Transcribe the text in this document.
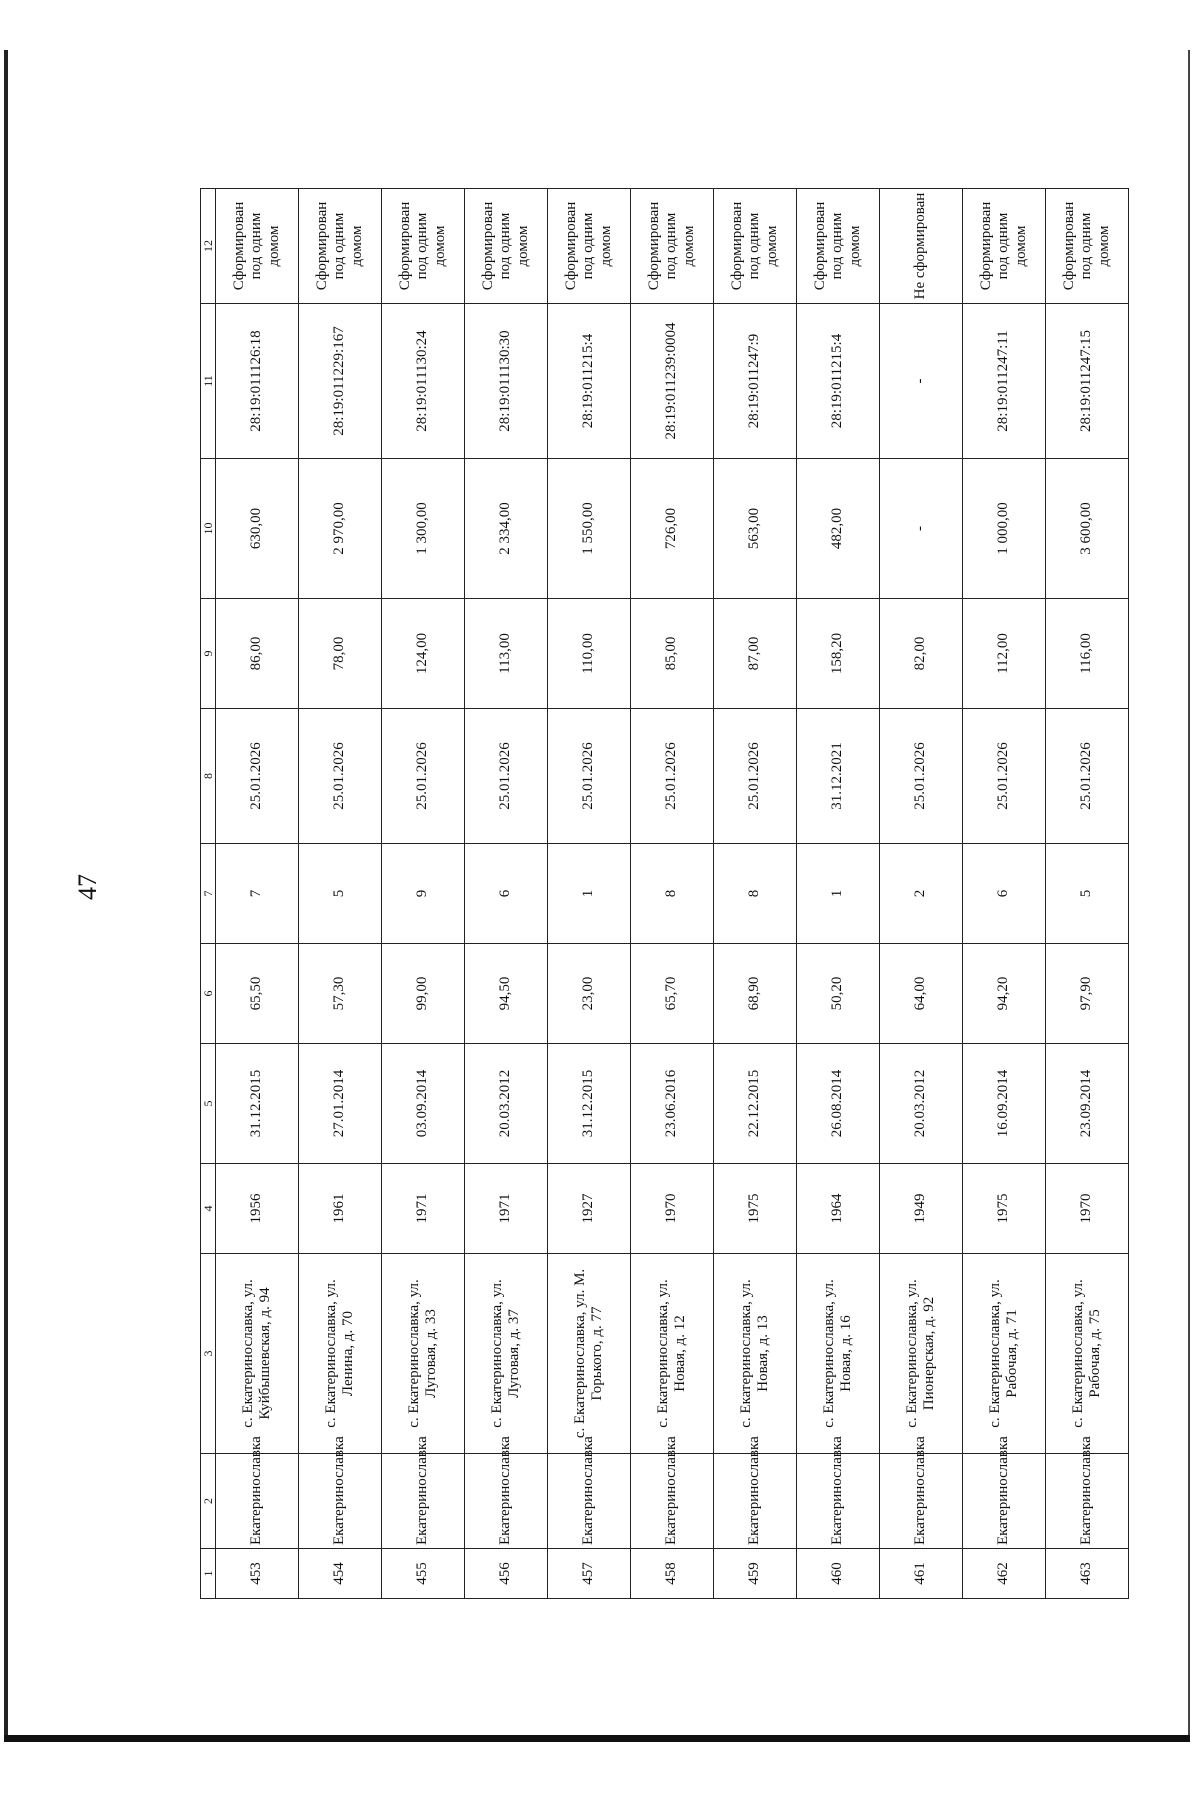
47
1	2	3	4	5	6	7	8	9	10	11	12
453	Екатеринославка	с. Екатеринославка, ул. Куйбышевская, д. 94	1956	31.12.2015	65,50	7	25.01.2026	86,00	630,00	28:19:011126:18	Сформирован под одним домом
454	Екатеринославка	с. Екатеринославка, ул. Ленина, д. 70	1961	27.01.2014	57,30	5	25.01.2026	78,00	2 970,00	28:19:011229:167	Сформирован под одним домом
455	Екатеринославка	с. Екатеринославка, ул. Луговая, д. 33	1971	03.09.2014	99,00	9	25.01.2026	124,00	1 300,00	28:19:011130:24	Сформирован под одним домом
456	Екатеринославка	с. Екатеринославка, ул. Луговая, д. 37	1971	20.03.2012	94,50	6	25.01.2026	113,00	2 334,00	28:19:011130:30	Сформирован под одним домом
457	Екатеринославка	с. Екатеринославка, ул. М. Горького, д. 77	1927	31.12.2015	23,00	1	25.01.2026	110,00	1 550,00	28:19:011215:4	Сформирован под одним домом
458	Екатеринославка	с. Екатеринославка, ул. Новая, д. 12	1970	23.06.2016	65,70	8	25.01.2026	85,00	726,00	28:19:011239:0004	Сформирован под одним домом
459	Екатеринославка	с. Екатеринославка, ул. Новая, д. 13	1975	22.12.2015	68,90	8	25.01.2026	87,00	563,00	28:19:011247:9	Сформирован под одним домом
460	Екатеринославка	с. Екатеринославка, ул. Новая, д. 16	1964	26.08.2014	50,20	1	31.12.2021	158,20	482,00	28:19:011215:4	Сформирован под одним домом
461	Екатеринославка	с. Екатеринославка, ул. Пионерская, д. 92	1949	20.03.2012	64,00	2	25.01.2026	82,00	-	-	Не сформирован
462	Екатеринославка	с. Екатеринославка, ул. Рабочая, д. 71	1975	16.09.2014	94,20	6	25.01.2026	112,00	1 000,00	28:19:011247:11	Сформирован под одним домом
463	Екатеринославка	с. Екатеринославка, ул. Рабочая, д. 75	1970	23.09.2014	97,90	5	25.01.2026	116,00	3 600,00	28:19:011247:15	Сформирован под одним домом
